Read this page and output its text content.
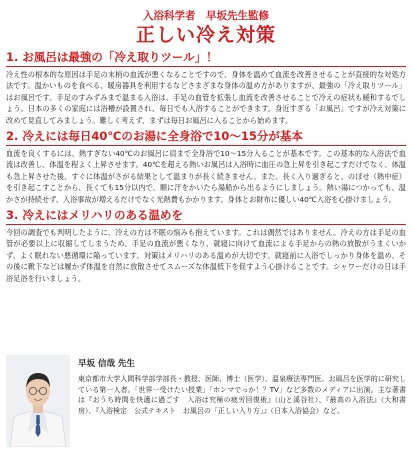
入浴科学者　早坂先生監修
正しい冷え対策
1. お風呂は最強の「冷え取りツール」！
冷え性の根本的な原因は手足の末梢の血流が悪くなることですので、身体を温めて血流を改善させることが直接的な対処方法です。温かいものを食べる、暖房器具を利用するなどさまざまな身体の温め方がありますが、最強の「冷え取りツール」はお風呂です。手足のすみずみまで温まる入浴は、手足の血管を拡張し血流を改善させることで冷えの症状も緩和するでしょう。日本の多くの家庭には浴槽が設置され、毎日でも入浴することができます。身近すぎる「お風呂」ですが冷え対策に改めて見直してみましょう。難しく考えず、まずは毎日お風呂に入ることから始めます。
2. 冷えには毎日40℃のお湯に全身浴で10〜15分が基本
血流を良くするには、熱すぎない40℃のお風呂に肩まで全身浴で10〜15分入ることが基本です。この基本的な入浴法で血流は改善し、体温を程よく上昇させます。40℃を超える熱いお風呂は入浴時に血圧の急上昇を引き起こすだけでなく、体温も急上昇させた後、すぐに体温がさがる結果として温まりが長く続きません。また、長く入り過ぎると、のぼせ（熱中症）を引き起こすことから、長くても15分以内で、額に汗をかいたら湯船から出るようにしましょう。熱い湯につかっても、温かさが持続せず、入浴事故が増えるだけでなく光熱費もかかります。身体とお財布に優しい40℃入浴を心掛けましょう。
3. 冷えにはメリハリのある温めを
今回の調査でも判明したように、冷えの方は不眠の悩みも抱えています。これは偶然ではありません。冷えの方は手足の血管が必要以上に収縮してしまうため、手足の血流が悪くなり、就寝に向けて血流による手足からの熱の放散がうまくいかず、よく眠れない悪循環に陥っています。対策はメリハリのある温めが大切です。就寝前に入浴でしっかり身体を温め、その後に靴下などは履かず体温を自然に放散させてスムーズな体温低下を促すよう心掛けることです。シャワーだけの日は手浴足浴を行いましょう。
早坂 信哉 先生
東京都市大学人間科学部学部長・教授、医師、博士（医学）、温泉療法専門医。お風呂を医学的に研究している第一人者。「世界一受けたい授業」「ホンマでっか！？TV」など多数のメディアに出演。主な著書は『おうち時間を快適に過ごす　入浴は究極の疲労回復術』（山と溪谷社）、『最高の入浴法』（大和書房）、『入浴検定　公式テキスト　お風呂の「正しい入り方」』（日本入浴協会）など。
